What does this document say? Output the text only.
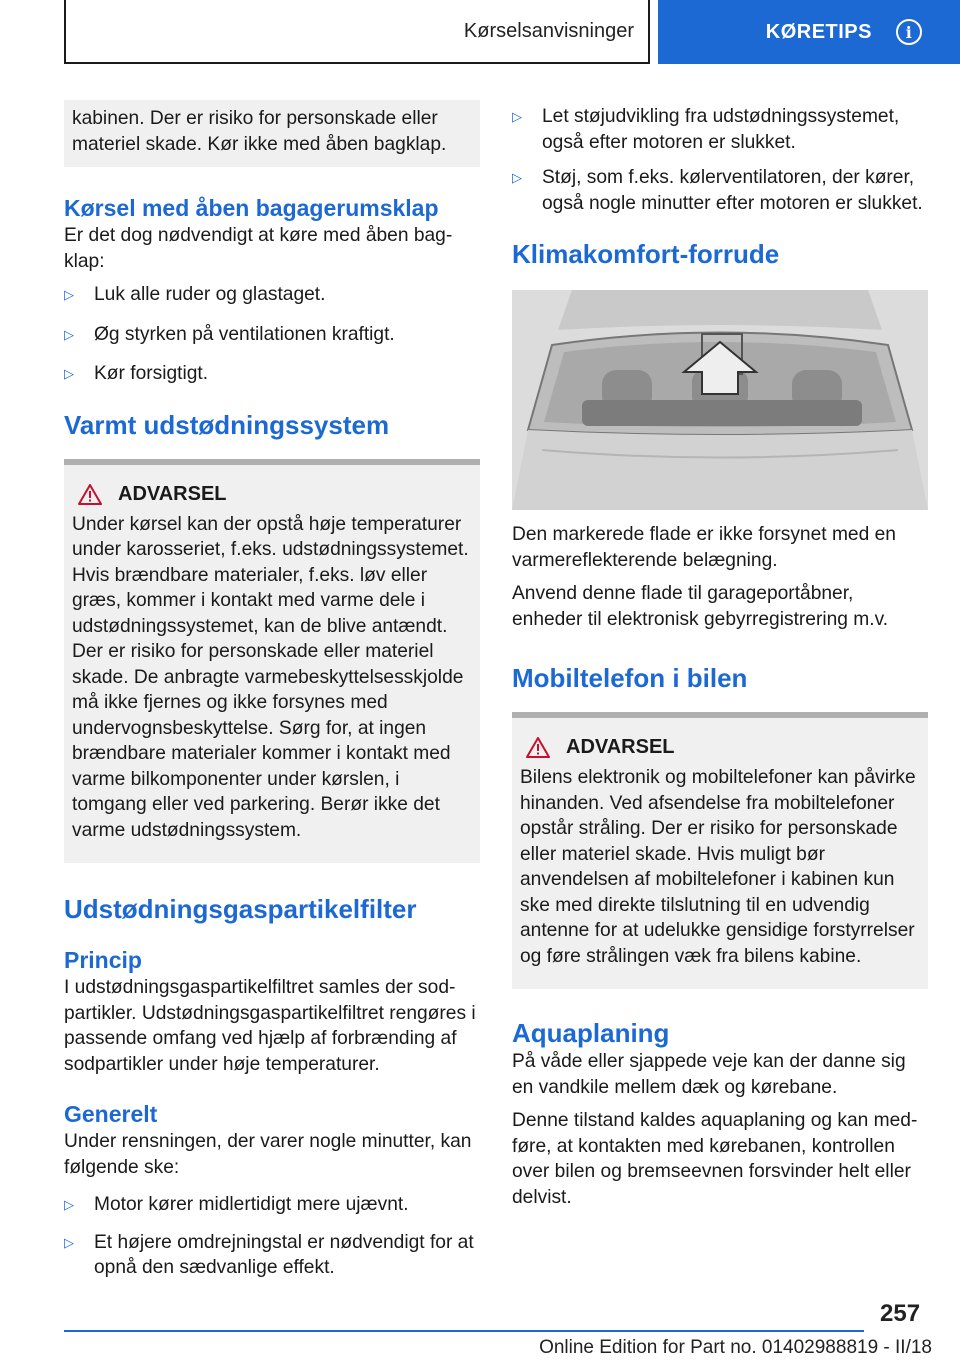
Kørselsanvisninger	KØRETIPS	i

kabinen. Der er risiko for personskade eller materiel skade. Kør ikke med åben bagklap.

Kørsel med åben bagagerumsklap

Er det dog nødvendigt at køre med åben bagklap:

▷ Luk alle ruder og glastaget.
▷ Øg styrken på ventilationen kraftigt.
▷ Kør forsigtigt.
Varmt udstødningssystem
ADVARSEL

Under kørsel kan der opstå høje temperaturer under karosseriet, f.eks. udstødningssystemet. Hvis brændbare materialer, f.eks. løv eller græs, kommer i kontakt med varme dele i udstødningssystemet, kan de blive antændt. Der er risiko for personskade eller materiel skade. De anbragte varmebeskyttelsesskjolde må ikke fjernes og ikke forsynes med undervognsbeskyttelse. Sørg for, at ingen brændbare materialer kommer i kontakt med varme bilkomponenter under kørslen, i tomgang eller ved parkering. Berør ikke det varme udstødningssystem.

Udstødningsgaspartikelfilter
Princip

I udstødningsgaspartikelfiltret samles der sodpartikler. Udstødningsgaspartikelfiltret rengøres i passende omfang ved hjælp af forbrænding af sodpartikler under høje temperaturer.

Generelt

Under rensningen, der varer nogle minutter, kan følgende ske:

▷ Motor kører midlertidigt mere ujævnt.
▷ Et højere omdrejningstal er nødvendigt for at opnå den sædvanlige effekt.
▷ Let støjudvikling fra udstødningssystemet, også efter motoren er slukket.
▷ Støj, som f.eks. kølerventilatoren, der kører, også nogle minutter efter motoren er slukket.
Klimakomfort-forrude

Den markerede flade er ikke forsynet med en varmereflekterende belægning.

Anvend denne flade til garageportåbner, enheder til elektronisk gebyrregistrering m.v.

Mobiltelefon i bilen
ADVARSEL

Bilens elektronik og mobiltelefoner kan påvirke hinanden. Ved afsendelse fra mobiltelefoner opstår stråling. Der er risiko for personskade eller materiel skade. Hvis muligt bør anvendelsen af mobiltelefoner i kabinen kun ske med direkte tilslutning til en udvendig antenne for at udelukke gensidige forstyrrelser og føre strålingen væk fra bilens kabine.

Aquaplaning

På våde eller sjappede veje kan der danne sig en vandkile mellem dæk og kørebane.

Denne tilstand kaldes aquaplaning og kan medføre, at kontakten med kørebanen, kontrollen over bilen og bremseevnen forsvinder helt eller delvist.

257
Online Edition for Part no. 01402988819 - II/18
